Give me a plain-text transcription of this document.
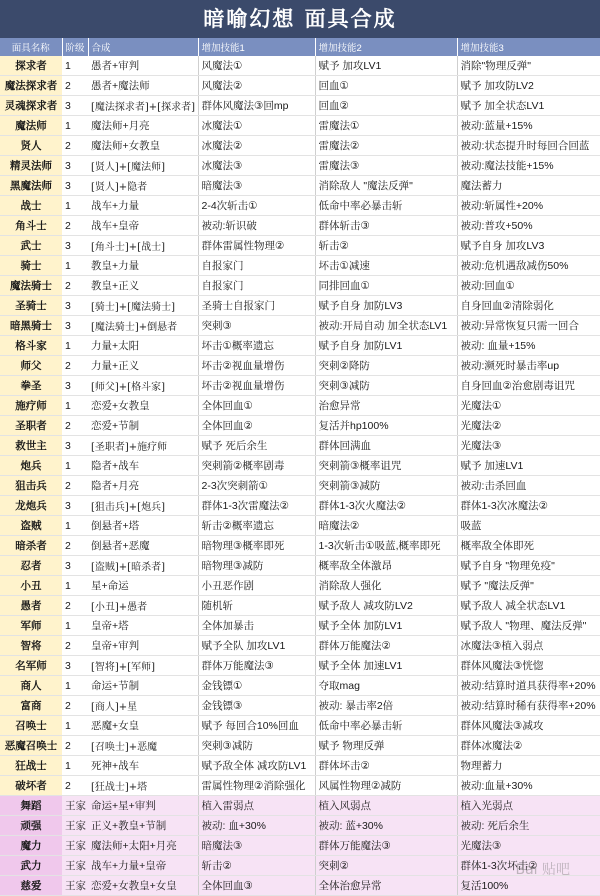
暗喻幻想 面具合成
面具名称	阶级	合成	增加技能1	增加技能2	增加技能3
探求者	1	愚者+审判	风魔法①	赋予 加攻LV1	消除"物理反弹"
魔法探求者	2	愚者+魔法师	风魔法②	回血①	赋予 加攻防LV2
灵魂探求者	3	[魔法探求者]+[探求者]	群体风魔法③回mp	回血②	赋予 加全状态LV1
魔法师	1	魔法师+月亮	冰魔法①	雷魔法①	被动:蓝量+15%
贤人	2	魔法师+女教皇	冰魔法②	雷魔法②	被动:状态提升时每回合回蓝
精灵法师	3	[贤人]+[魔法师]	冰魔法③	雷魔法③	被动:魔法技能+15%
黑魔法师	3	[贤人]+隐者	暗魔法③	消除敌人 "魔法反弹"	魔法蓄力
战士	1	战车+力量	2-4次斩击①	低命中率必暴击斩	被动:斩属性+20%
角斗士	2	战车+皇帝	被动:斩识破	群体斩击③	被动:普攻+50%
武士	3	[角斗士]+[战士]	群体雷属性物理②	斩击②	赋予自身 加攻LV3
骑士	1	教皇+力量	自报家门	坏击①减速	被动:危机遇敌减伤50%
魔法骑士	2	教皇+正义	自报家门	同排回血①	被动:回血①
圣骑士	3	[骑士]+[魔法骑士]	圣骑士自报家门	赋予自身 加防LV3	自身回血②清除弱化
暗黑骑士	3	[魔法骑士]+倒悬者	突刺③	被动:开局自动 加全状态LV1	被动:异常恢复只需一回合
格斗家	1	力量+太阳	坏击①概率遗忘	赋予自身 加防LV1	被动: 血量+15%
师父	2	力量+正义	坏击②视血量增伤	突刺②降防	被动:濒死时暴击率up
拳圣	3	[师父]+[格斗家]	坏击②视血量增伤	突刺③减防	自身回血②治愈剧毒诅咒
施疗师	1	恋爱+女教皇	全体回血①	治愈异常	光魔法①
圣职者	2	恋爱+节制	全体回血②	复活并hp100%	光魔法②
救世主	3	[圣职者]+施疗师	赋予 死后余生	群体回满血	光魔法③
炮兵	1	隐者+战车	突刺箭②概率剧毒	突刺箭③概率诅咒	赋予 加速LV1
狙击兵	2	隐者+月亮	2-3次突刺箭①	突刺箭③减防	被动:击杀回血
龙炮兵	3	[狙击兵]+[炮兵]	群体1-3次雷魔法②	群体1-3次火魔法②	群体1-3次冰魔法②
盗贼	1	倒悬者+塔	斩击②概率遗忘	暗魔法②	吸蓝
暗杀者	2	倒悬者+恶魔	暗物理③概率即死	1-3次斩击①吸蓝,概率即死	概率敌全体即死
忍者	3	[盗贼]+[暗杀者]	暗物理③减防	概率敌全体激昂	赋予自身 "物理免疫"
小丑	1	星+命运	小丑恶作剧	消除敌人强化	赋予 "魔法反弹"
愚者	2	[小丑]+愚者	随机斩	赋予敌人 减攻防LV2	赋予敌人 减全状态LV1
军师	1	皇帝+塔	全体加暴击	赋予全体 加防LV1	赋予敌人 "物理、魔法反弹"
智将	2	皇帝+审判	赋予全队 加攻LV1	群体万能魔法②	冰魔法③植入弱点
名军师	3	[智将]+[军师]	群体万能魔法③	赋予全体 加速LV1	群体风魔法③恍惚
商人	1	命运+节制	金钱镖①	夺取mag	被动:结算时道具获得率+20%
富商	2	[商人]+星	金钱镖③	被动: 暴击率2倍	被动:结算时稀有获得率+20%
召唤士	1	恶魔+女皇	赋予 每回合10%回血	低命中率必暴击斩	群体风魔法③减攻
恶魔召唤士	2	[召唤士]+恶魔	突刺③减防	赋予 物理反弹	群体冰魔法②
狂战士	1	死神+战车	赋予敌全体 减攻防LV1	群体坏击②	物理蓄力
破坏者	2	[狂战士]+塔	雷属性物理②消除强化	风属性物理②减防	被动:血量+30%
舞蹈	王家	命运+星+审判	植入雷弱点	植入风弱点	植入光弱点
顽强	王家	正义+教皇+节制	被动: 血+30%	被动: 蓝+30%	被动: 死后余生
魔力	王家	魔法师+太阳+月亮	暗魔法③	群体万能魔法③	光魔法③
武力	王家	战车+力量+皇帝	斩击②	突刺②	群体1-3次坏击②
慈爱	王家	恋爱+女教皇+女皇	全体回血③	全体治愈异常	复活100%
Bai 贴吧
